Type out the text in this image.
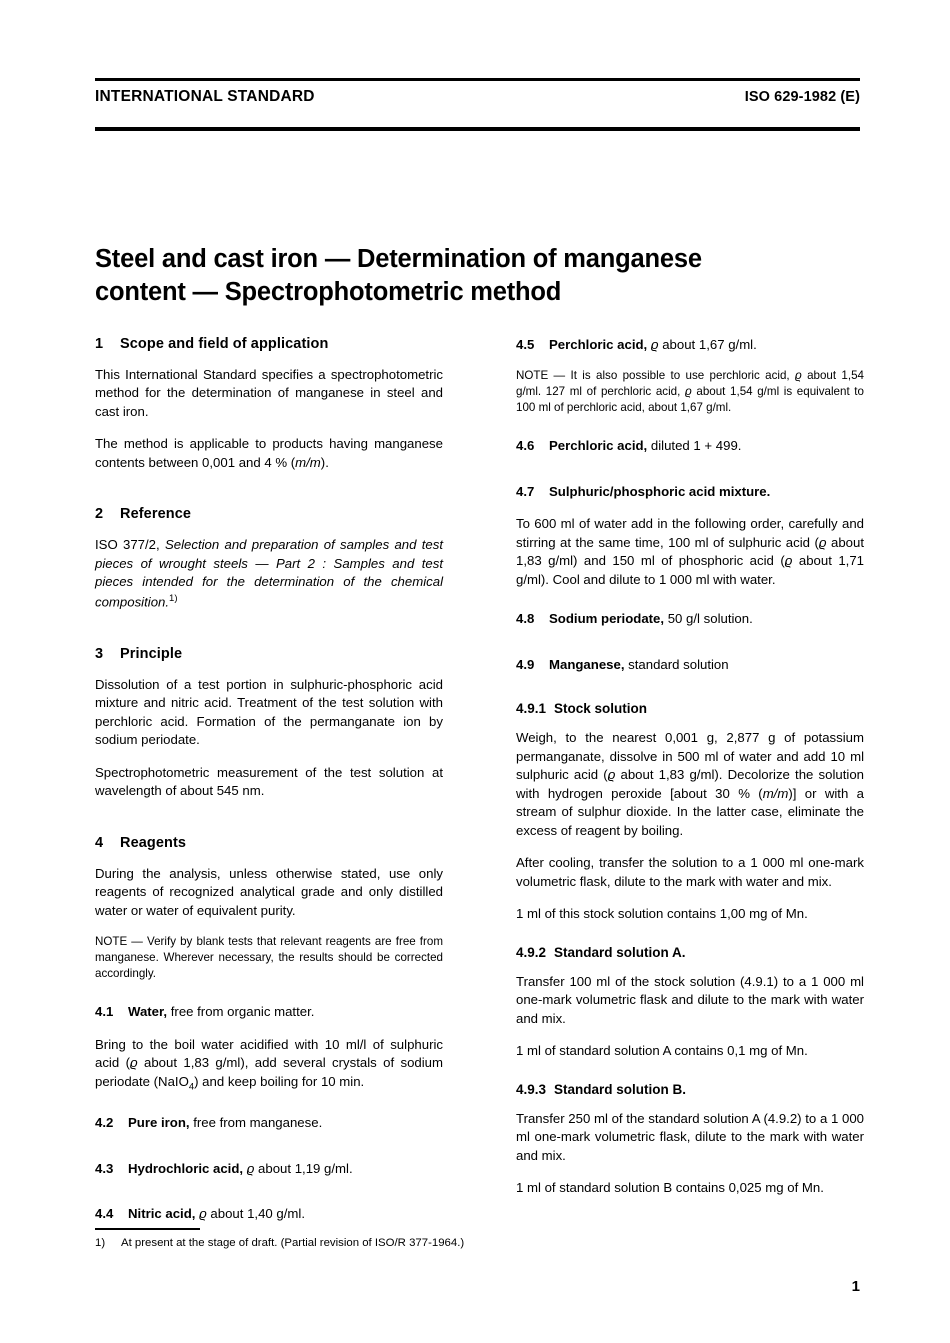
INTERNATIONAL STANDARD	ISO 629-1982 (E)
Steel and cast iron — Determination of manganese
content — Spectrophotometric method
1 Scope and field of application

This International Standard specifies a spectrophotometric method for the determination of manganese in steel and cast iron.

The method is applicable to products having manganese contents between 0,001 and 4 % (m/m).

2 Reference

ISO 377/2, Selection and preparation of samples and test pieces of wrought steels — Part 2 : Samples and test pieces intended for the determination of the chemical composition.$^{1)}$

3 Principle

Dissolution of a test portion in sulphuric-phosphoric acid mixture and nitric acid. Treatment of the test solution with perchloric acid. Formation of the permanganate ion by sodium periodate.

Spectrophotometric measurement of the test solution at wavelength of about 545 nm.

4 Reagents

During the analysis, unless otherwise stated, use only reagents of recognized analytical grade and only distilled water or water of equivalent purity.

NOTE — Verify by blank tests that relevant reagents are free from manganese. Wherever necessary, the results should be corrected accordingly.

4.1 Water, free from organic matter.

Bring to the boil water acidified with 10 ml/l of sulphuric acid (ϱ about 1,83 g/ml), add several crystals of sodium periodate (NaIO$_4$) and keep boiling for 10 min.

4.2 Pure iron, free from manganese.

4.3 Hydrochloric acid, ϱ about 1,19 g/ml.

4.4 Nitric acid, ϱ about 1,40 g/ml.

4.5 Perchloric acid, ϱ about 1,67 g/ml.

NOTE — It is also possible to use perchloric acid, ϱ about 1,54 g/ml. 127 ml of perchloric acid, ϱ about 1,54 g/ml is equivalent to 100 ml of perchloric acid, about 1,67 g/ml.

4.6 Perchloric acid, diluted 1 + 499.

4.7 Sulphuric/phosphoric acid mixture.

To 600 ml of water add in the following order, carefully and stirring at the same time, 100 ml of sulphuric acid (ϱ about 1,83 g/ml) and 150 ml of phosphoric acid (ϱ about 1,71 g/ml). Cool and dilute to 1 000 ml with water.

4.8 Sodium periodate, 50 g/l solution.

4.9 Manganese, standard solution

4.9.1 Stock solution

Weigh, to the nearest 0,001 g, 2,877 g of potassium permanganate, dissolve in 500 ml of water and add 10 ml sulphuric acid (ϱ about 1,83 g/ml). Decolorize the solution with hydrogen peroxide [about 30 % (m/m)] or with a stream of sulphur dioxide. In the latter case, eliminate the excess of reagent by boiling.

After cooling, transfer the solution to a 1 000 ml one-mark volumetric flask, dilute to the mark with water and mix.

1 ml of this stock solution contains 1,00 mg of Mn.

4.9.2 Standard solution A.

Transfer 100 ml of the stock solution (4.9.1) to a 1 000 ml one-mark volumetric flask and dilute to the mark with water and mix.

1 ml of standard solution A contains 0,1 mg of Mn.

4.9.3 Standard solution B.

Transfer 250 ml of the standard solution A (4.9.2) to a 1 000 ml one-mark volumetric flask, dilute to the mark with water and mix.

1 ml of standard solution B contains 0,025 mg of Mn.

1) At present at the stage of draft. (Partial revision of ISO/R 377-1964.)
1
